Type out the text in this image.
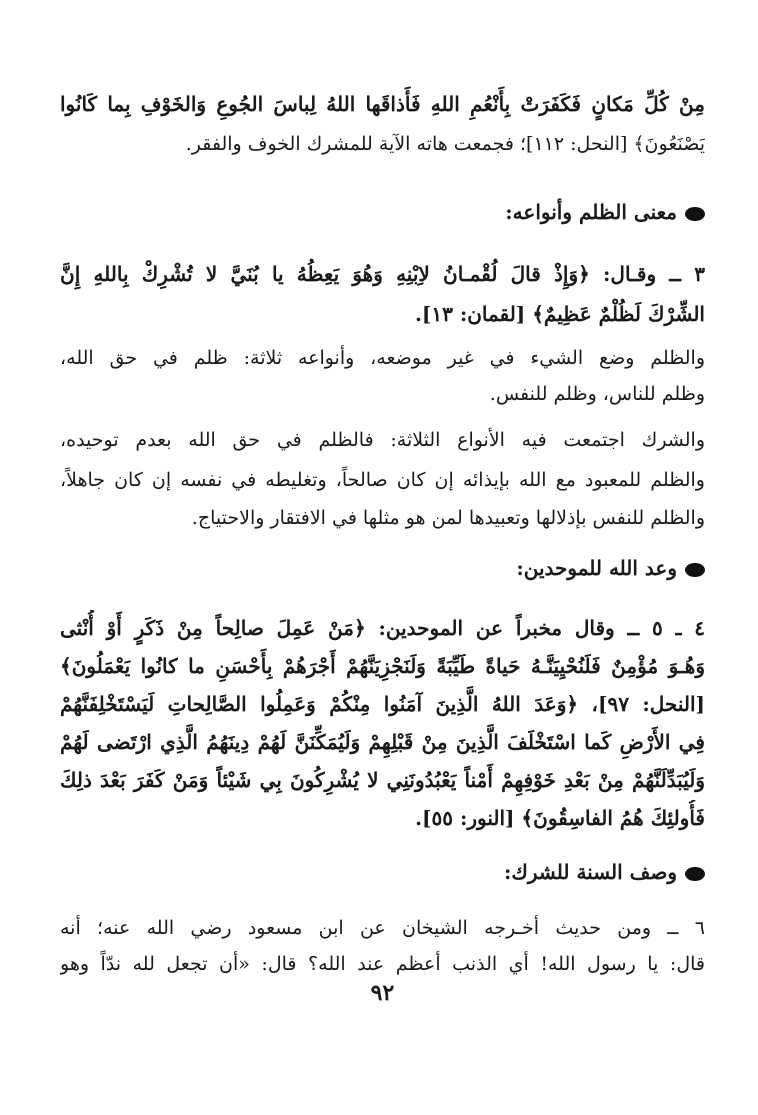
مِنْ كُلِّ مَكانٍ فَكَفَرَتْ بِأَنْعُمِ اللهِ فَأَذاقَها اللهُ لِباسَ الجُوعِ وَالخَوْفِ بِما كَانُوا
يَصْنَعُونَ﴾ [النحل: ١١٢]؛ فجمعت هاته الآية للمشرك الخوف والفقر.
معنى الظلم وأنواعه:
٣ ــ وقـال: ﴿وَإِذْ قالَ لُقْمـانُ لاِبْنِهِ وَهُوَ يَعِظُهُ يا بُنَيَّ لا تُشْرِكْ بِاللهِ إِنَّ
الشِّرْكَ لَظُلْمٌ عَظِيمٌ﴾ [لقمان: ١٣].
والظلم وضع الشيء في غير موضعه، وأنواعه ثلاثة: ظلم في حق الله،
وظلم للناس، وظلم للنفس.
والشرك اجتمعت فيه الأنواع الثلاثة: فالظلم في حق الله بعدم توحيده،
والظلم للمعبود مع الله بإيذائه إن كان صالحاً، وتغليطه في نفسه إن كان جاهلاً،
والظلم للنفس بإذلالها وتعبيدها لمن هو مثلها في الافتقار والاحتياج.
وعد الله للموحدين:
٤ ـ ٥ ــ وقال مخبراً عن الموحدين: ﴿مَنْ عَمِلَ صالِحاً مِنْ ذَكَرٍ أَوْ أُنْثى
وَهُـوَ مُؤْمِنٌ فَلَنُحْيِيَنَّـهُ حَياةً طَيِّبَةً وَلَنَجْزِيَنَّهُمْ أَجْرَهُمْ بِأَحْسَنِ ما كانُوا يَعْمَلُونَ﴾
[النحل: ٩٧]، ﴿وَعَدَ اللهُ الَّذِينَ آمَنُوا مِنْكُمْ وَعَمِلُوا الصَّالِحاتِ لَيَسْتَخْلِفَنَّهُمْ
فِي الأَرْضِ كَما اسْتَخْلَفَ الَّذِينَ مِنْ قَبْلِهِمْ وَلَيُمَكِّنَنَّ لَهُمْ دِينَهُمُ الَّذِي ارْتَضى لَهُمْ
وَلَيُبَدِّلَنَّهُمْ مِنْ بَعْدِ خَوْفِهِمْ أَمْناً يَعْبُدُونَنِي لا يُشْرِكُونَ بِي شَيْئاً وَمَنْ كَفَرَ بَعْدَ ذلِكَ
فَأُولئِكَ هُمُ الفاسِقُونَ﴾ [النور: ٥٥].
وصف السنة للشرك:
٦ ــ ومن حديث أخـرجه الشيخان عن ابن مسعود رضي الله عنه؛ أنه
قال: يا رسول الله! أي الذنب أعظم عند الله؟ قال: «أن تجعل لله ندّاً وهو
٩٢
